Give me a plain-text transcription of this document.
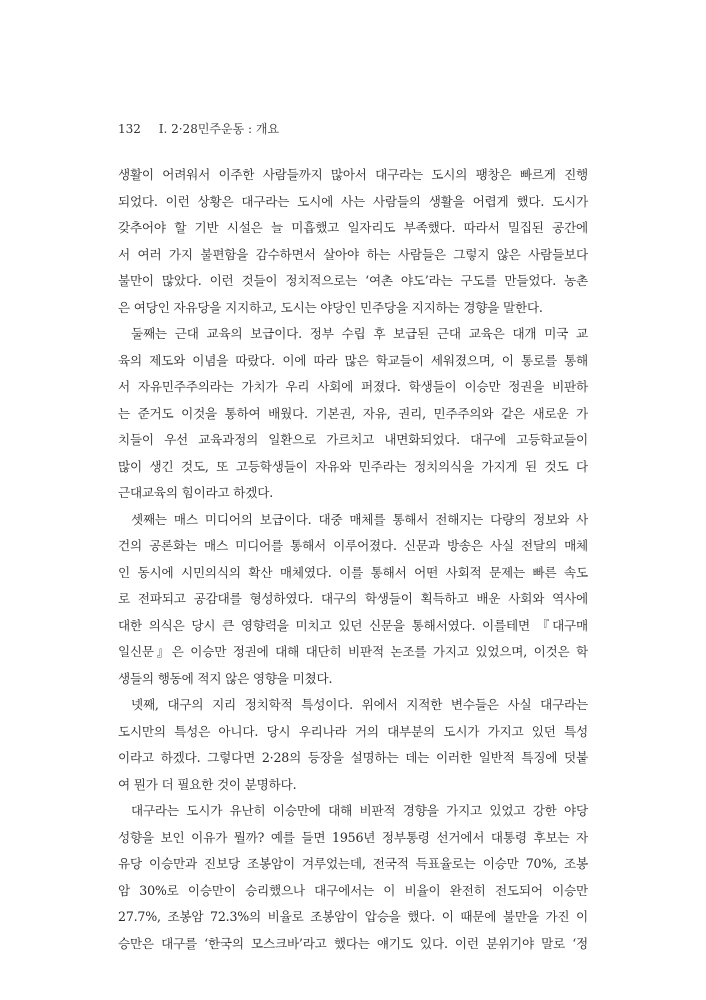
132 Ⅰ. 2·28민주운동 : 개요
생활이 어려워서 이주한 사람들까지 많아서 대구라는 도시의 팽창은 빠르게 진행
되었다. 이런 상황은 대구라는 도시에 사는 사람들의 생활을 어렵게 했다. 도시가
갖추어야 할 기반 시설은 늘 미흡했고 일자리도 부족했다. 따라서 밀집된 공간에
서 여러 가지 불편함을 감수하면서 살아야 하는 사람들은 그렇지 않은 사람들보다
불만이 많았다. 이런 것들이 정치적으로는 ‘여촌 야도’라는 구도를 만들었다. 농촌
은 여당인 자유당을 지지하고, 도시는 야당인 민주당을 지지하는 경향을 말한다.
둘째는 근대 교육의 보급이다. 정부 수립 후 보급된 근대 교육은 대개 미국 교
육의 제도와 이념을 따랐다. 이에 따라 많은 학교들이 세워졌으며, 이 통로를 통해
서 자유민주주의라는 가치가 우리 사회에 퍼졌다. 학생들이 이승만 정권을 비판하
는 준거도 이것을 통하여 배웠다. 기본권, 자유, 권리, 민주주의와 같은 새로운 가
치들이 우선 교육과정의 일환으로 가르치고 내면화되었다. 대구에 고등학교들이
많이 생긴 것도, 또 고등학생들이 자유와 민주라는 정치의식을 가지게 된 것도 다
근대교육의 힘이라고 하겠다.
셋째는 매스 미디어의 보급이다. 대중 매체를 통해서 전해지는 다량의 정보와 사
건의 공론화는 매스 미디어를 통해서 이루어졌다. 신문과 방송은 사실 전달의 매체
인 동시에 시민의식의 확산 매체였다. 이를 통해서 어떤 사회적 문제는 빠른 속도
로 전파되고 공감대를 형성하였다. 대구의 학생들이 획득하고 배운 사회와 역사에
대한 의식은 당시 큰 영향력을 미치고 있던 신문을 통해서였다. 이를테면 『대구매
일신문』은 이승만 정권에 대해 대단히 비판적 논조를 가지고 있었으며, 이것은 학
생들의 행동에 적지 않은 영향을 미쳤다.
넷째, 대구의 지리 정치학적 특성이다. 위에서 지적한 변수들은 사실 대구라는
도시만의 특성은 아니다. 당시 우리나라 거의 대부분의 도시가 가지고 있던 특성
이라고 하겠다. 그렇다면 2·28의 등장을 설명하는 데는 이러한 일반적 특징에 덧붙
여 뭔가 더 필요한 것이 분명하다.
대구라는 도시가 유난히 이승만에 대해 비판적 경향을 가지고 있었고 강한 야당
성향을 보인 이유가 뭘까? 예를 들면 1956년 정부통령 선거에서 대통령 후보는 자
유당 이승만과 진보당 조봉암이 겨루었는데, 전국적 득표율로는 이승만 70%, 조봉
암 30%로 이승만이 승리했으나 대구에서는 이 비율이 완전히 전도되어 이승만
27.7%, 조봉암 72.3%의 비율로 조봉암이 압승을 했다. 이 때문에 불만을 가진 이
승만은 대구를 ‘한국의 모스크바’라고 했다는 얘기도 있다. 이런 분위기야 말로 ‘정
